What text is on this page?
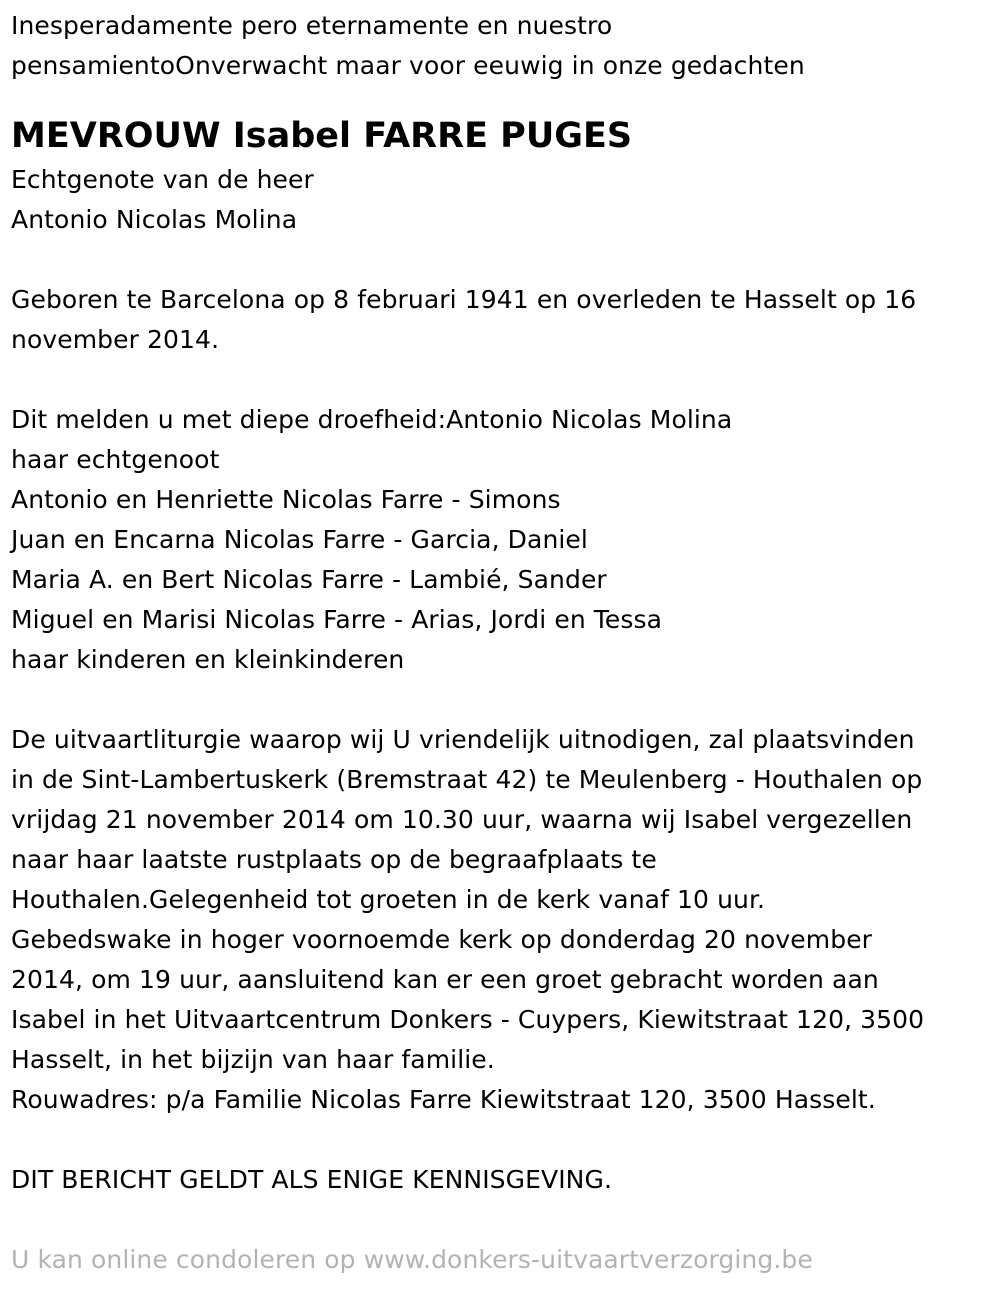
Inesperadamente pero eternamente en nuestro
pensamientoOnverwacht maar voor eeuwig in onze gedachten
MEVROUW Isabel FARRE PUGES
Echtgenote van de heer
Antonio Nicolas Molina
Geboren te Barcelona op 8 februari 1941 en overleden te Hasselt op 16
november 2014.
Dit melden u met diepe droefheid:Antonio Nicolas Molina
haar echtgenoot
Antonio en Henriette Nicolas Farre - Simons
Juan en Encarna Nicolas Farre - Garcia, Daniel
Maria A. en Bert Nicolas Farre - Lambié, Sander
Miguel en Marisi Nicolas Farre - Arias, Jordi en Tessa
haar kinderen en kleinkinderen
De uitvaartliturgie waarop wij U vriendelijk uitnodigen, zal plaatsvinden
in de Sint-Lambertuskerk (Bremstraat 42) te Meulenberg - Houthalen op
vrijdag 21 november 2014 om 10.30 uur, waarna wij Isabel vergezellen
naar haar laatste rustplaats op de begraafplaats te
Houthalen.Gelegenheid tot groeten in de kerk vanaf 10 uur.
Gebedswake in hoger voornoemde kerk op donderdag 20 november
2014, om 19 uur, aansluitend kan er een groet gebracht worden aan
Isabel in het Uitvaartcentrum Donkers - Cuypers, Kiewitstraat 120, 3500
Hasselt, in het bijzijn van haar familie.
Rouwadres: p/a Familie Nicolas Farre Kiewitstraat 120, 3500 Hasselt.
DIT BERICHT GELDT ALS ENIGE KENNISGEVING.
U kan online condoleren op www.donkers-uitvaartverzorging.be
